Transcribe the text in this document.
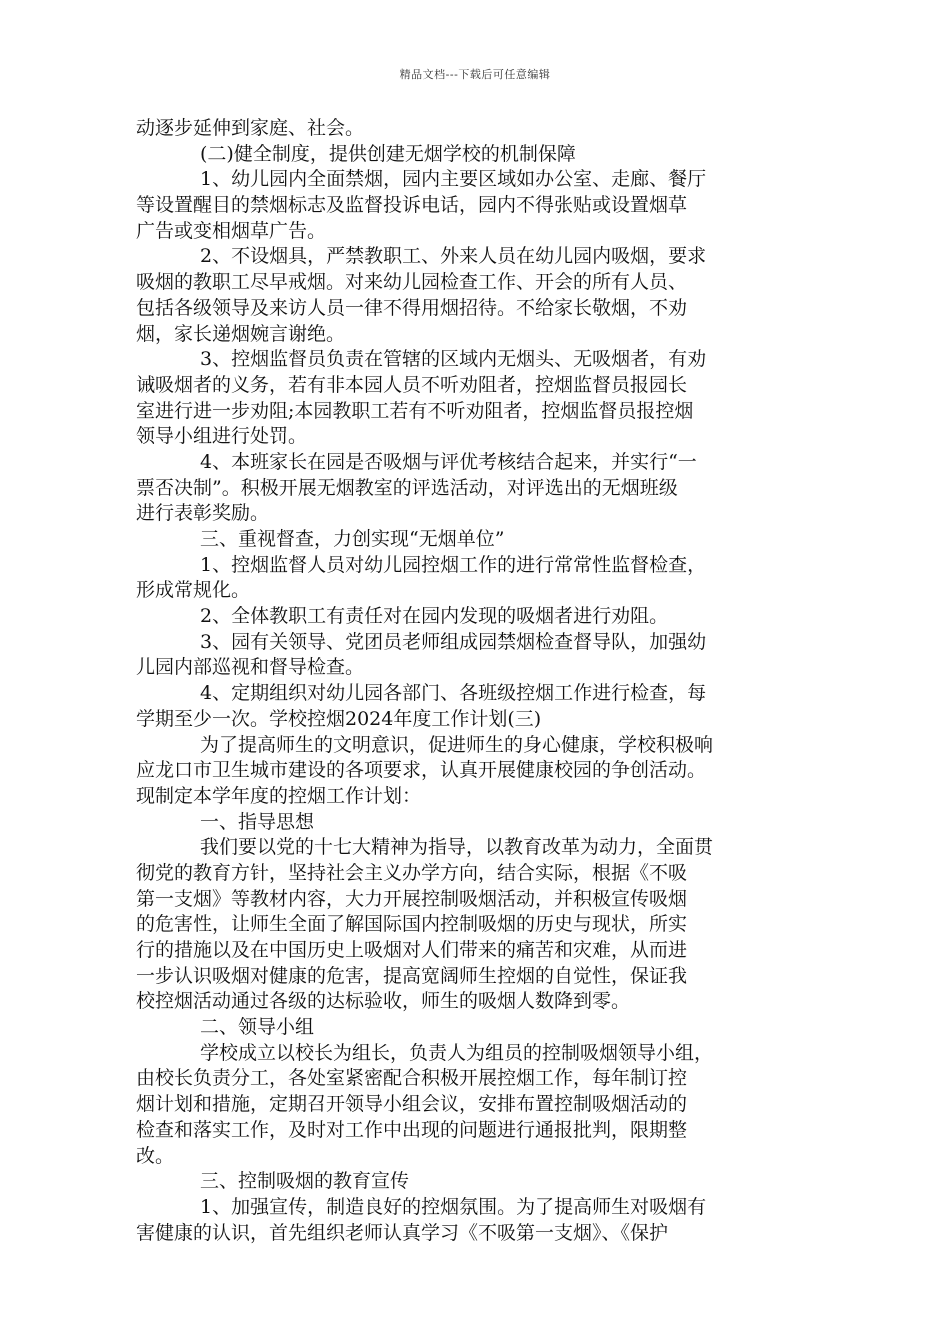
精品文档---下载后可任意编辑
动逐步延伸到家庭、社会。
(二)健全制度，提供创建无烟学校的机制保障
1、幼儿园内全面禁烟，园内主要区域如办公室、走廊、餐厅
等设置醒目的禁烟标志及监督投诉电话，园内不得张贴或设置烟草
广告或变相烟草广告。
2、不设烟具，严禁教职工、外来人员在幼儿园内吸烟，要求
吸烟的教职工尽早戒烟。对来幼儿园检查工作、开会的所有人员、
包括各级领导及来访人员一律不得用烟招待。不给家长敬烟，不劝
烟，家长递烟婉言谢绝。
3、控烟监督员负责在管辖的区域内无烟头、无吸烟者，有劝
诫吸烟者的义务，若有非本园人员不听劝阻者，控烟监督员报园长
室进行进一步劝阻;本园教职工若有不听劝阻者，控烟监督员报控烟
领导小组进行处罚。
4、本班家长在园是否吸烟与评优考核结合起来，并实行“一
票否决制”。积极开展无烟教室的评选活动，对评选出的无烟班级
进行表彰奖励。
三、重视督查，力创实现“无烟单位”
1、控烟监督人员对幼儿园控烟工作的进行常常性监督检查，
形成常规化。
2、全体教职工有责任对在园内发现的吸烟者进行劝阻。
3、园有关领导、党团员老师组成园禁烟检查督导队，加强幼
儿园内部巡视和督导检查。
4、定期组织对幼儿园各部门、各班级控烟工作进行检查，每
学期至少一次。学校控烟2024年度工作计划(三)
为了提高师生的文明意识，促进师生的身心健康，学校积极响
应龙口市卫生城市建设的各项要求，认真开展健康校园的争创活动。
现制定本学年度的控烟工作计划：
一、指导思想
我们要以党的十七大精神为指导，以教育改革为动力，全面贯
彻党的教育方针，坚持社会主义办学方向，结合实际，根据《不吸
第一支烟》等教材内容，大力开展控制吸烟活动，并积极宣传吸烟
的危害性，让师生全面了解国际国内控制吸烟的历史与现状，所实
行的措施以及在中国历史上吸烟对人们带来的痛苦和灾难，从而进
一步认识吸烟对健康的危害，提高宽阔师生控烟的自觉性，保证我
校控烟活动通过各级的达标验收，师生的吸烟人数降到零。
二、领导小组
学校成立以校长为组长，负责人为组员的控制吸烟领导小组，
由校长负责分工，各处室紧密配合积极开展控烟工作，每年制订控
烟计划和措施，定期召开领导小组会议，安排布置控制吸烟活动的
检查和落实工作，及时对工作中出现的问题进行通报批判，限期整
改。
三、控制吸烟的教育宣传
1、加强宣传，制造良好的控烟氛围。为了提高师生对吸烟有
害健康的认识，首先组织老师认真学习《不吸第一支烟》、《保护
